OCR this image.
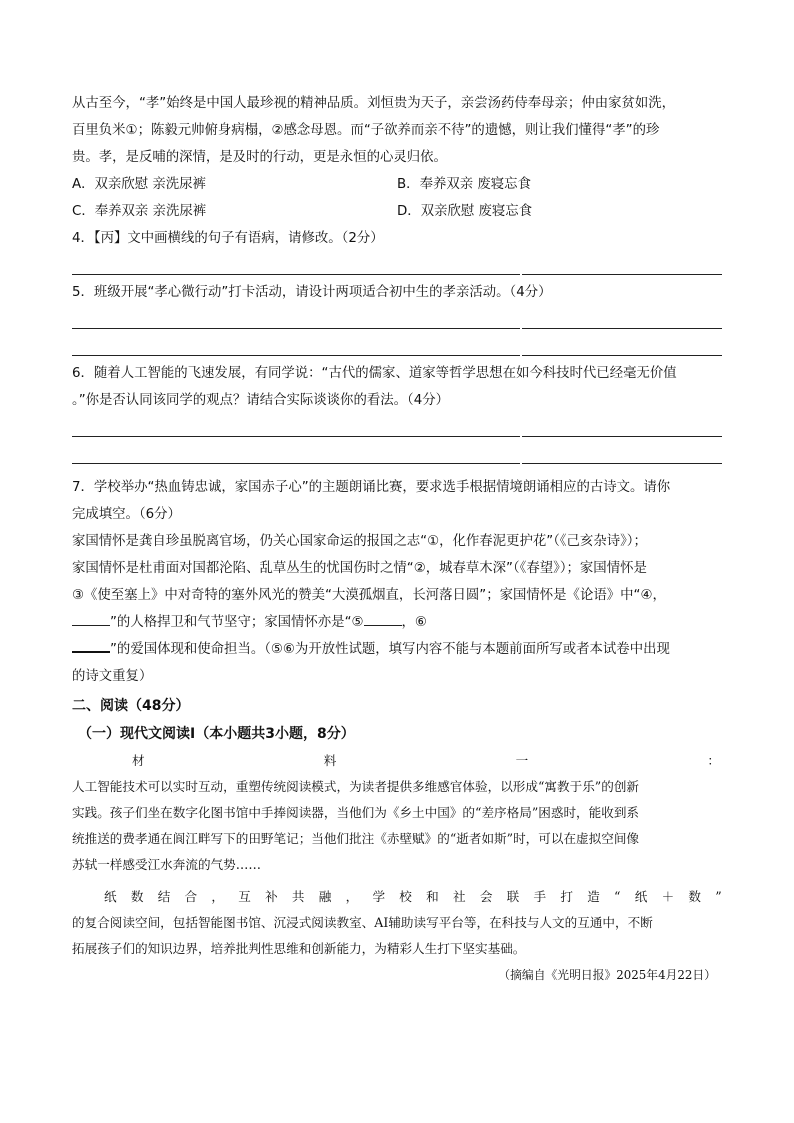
从古至今，“孝”始终是中国人最珍视的精神品质。刘恒贵为天子，亲尝汤药侍奉母亲；仲由家贫如洗，

百里负米①；陈毅元帅俯身病榻，②感念母恩。而“子欲养而亲不待”的遗憾，则让我们懂得“孝”的珍

贵。孝，是反哺的深情，是及时的行动，更是永恒的心灵归依。

A．双亲欣慰 亲洗尿裤	B．奉养双亲 废寝忘食
C．奉养双亲 亲洗尿裤	D．双亲欣慰 废寝忘食

4．【丙】文中画横线的句子有语病，请修改。（2分）

5．班级开展“孝心微行动”打卡活动，请设计两项适合初中生的孝亲活动。（4分）

6．随着人工智能的飞速发展，有同学说：“古代的儒家、道家等哲学思想在如今科技时代已经毫无价值

。”你是否认同该同学的观点？请结合实际谈谈你的看法。（4分）

7．学校举办“热血铸忠诚，家国赤子心”的主题朗诵比赛，要求选手根据情境朗诵相应的古诗文。请你

完成填空。（6分）

家国情怀是龚自珍虽脱离官场，仍关心国家命运的报国之志“①，化作春泥更护花”（《己亥杂诗》）；

家国情怀是杜甫面对国都沦陷、乱草丛生的忧国伤时之情“②，城春草木深”（《春望》）；家国情怀是

③《使至塞上》中对奇特的塞外风光的赞美“大漠孤烟直，长河落日圆”；家国情怀是《论语》中“④，

”的人格捍卫和气节坚守；家国情怀亦是“⑤	，⑥

”的爱国体现和使命担当。（⑤⑥为开放性试题，填写内容不能与本题前面所写或者本试卷中出现

的诗文重复）

二、阅读（48分）
（一）现代文阅读Ⅰ（本小题共3小题，8分）
材	料	一	：

人工智能技术可以实时互动，重塑传统阅读模式，为读者提供多维感官体验，以形成“寓教于乐”的创新

实践。孩子们坐在数字化图书馆中手捧阅读器，当他们为《乡土中国》的“差序格局”困惑时，能收到系

统推送的费孝通在阆江畔写下的田野笔记；当他们批注《赤壁赋》的“逝者如斯”时，可以在虚拟空间像

苏轼一样感受江水奔流的气势……

纸 数 结 合 ， 互 补 共 融 ， 学 校 和 社 会 联 手 打 造 “ 纸 ＋ 数 ”

的复合阅读空间，包括智能图书馆、沉浸式阅读教室、AI辅助读写平台等，在科技与人文的互通中，不断

拓展孩子们的知识边界，培养批判性思维和创新能力，为精彩人生打下坚实基础。

（摘编自《光明日报》2025年4月22日）
